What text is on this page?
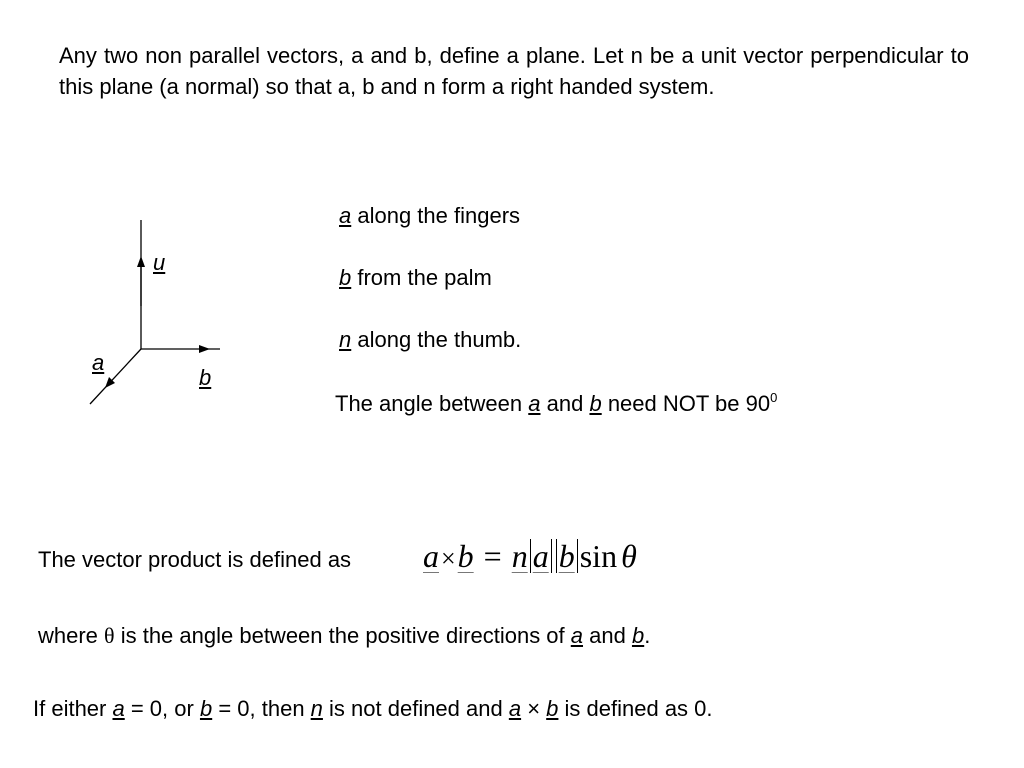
Any two non parallel vectors, a and b, define a plane. Let n be a unit vector perpendicular to this plane (a normal) so that a, b and n form a right handed system.
u
a
b
a along the fingers
b from the palm
n along the thumb.
The angle between a and b need NOT be $90^0$
The vector product is defined as a×b = n a b sin θ
where θ is the angle between the positive directions of a and b.
If either a = 0, or b = 0, then n is not defined and a × b is defined as 0.
